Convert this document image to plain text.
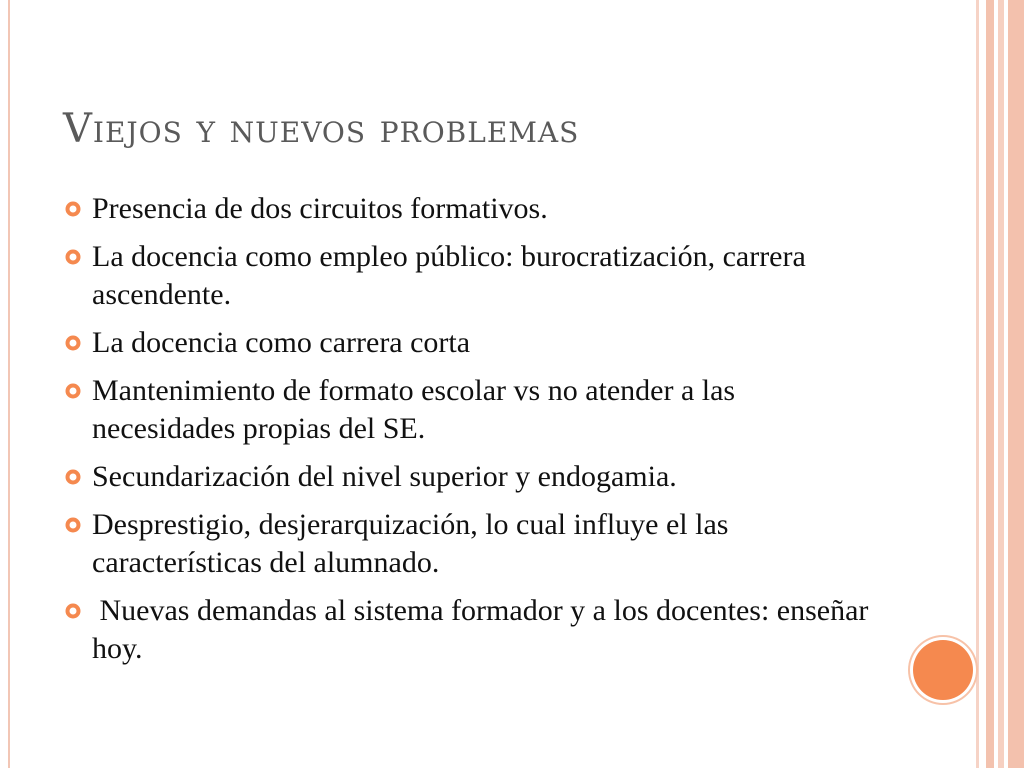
Viejos y nuevos problemas
Presencia de dos circuitos formativos.
La docencia como empleo público: burocratización, carrera ascendente.
La docencia como carrera corta
Mantenimiento de formato escolar vs no atender a las necesidades propias del SE.
Secundarización del nivel superior y endogamia.
Desprestigio, desjerarquización, lo cual influye el las características del alumnado.
Nuevas demandas al sistema formador y a los docentes: enseñar hoy.
